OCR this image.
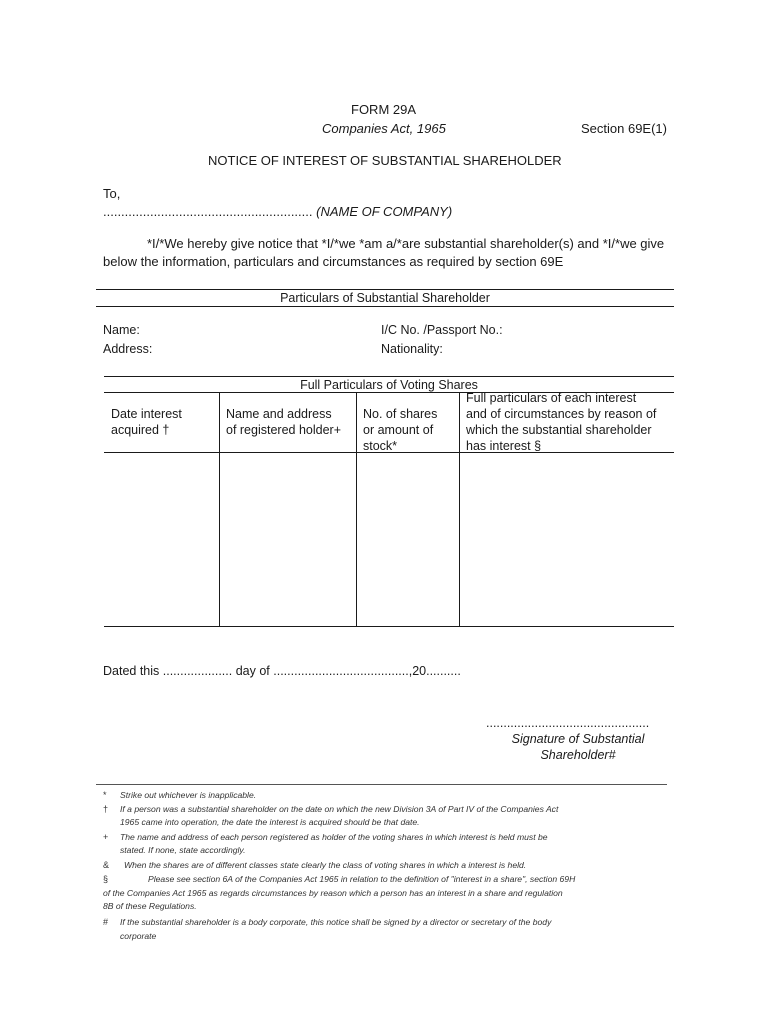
FORM 29A
Companies Act, 1965	Section 69E(1)
NOTICE OF INTEREST OF SUBSTANTIAL SHAREHOLDER
To,
.......................................................... (NAME OF COMPANY)
*I/*We hereby give notice that *I/*we *am a/*are substantial shareholder(s) and *I/*we give
below the information, particulars and circumstances as required by section 69E
Particulars of Substantial Shareholder
Name:
Address:
I/C No. /Passport No.:
Nationality:
Full Particulars of Voting Shares
Date interest
acquired †
Name and address
of registered holder+
No. of shares
or amount of
stock*
Full particulars of each interest
and of circumstances by reason of
which the substantial shareholder
has interest §
Dated this .................... day of .......................................,20..........
...............................................
Signature of Substantial
Shareholder#
* Strike out whichever is inapplicable.
† If a person was a substantial shareholder on the date on which the new Division 3A of Part IV of the Companies Act
1965 came into operation, the date the interest is acquired should be that date.
+ The name and address of each person registered as holder of the voting shares in which interest is held must be
stated. If none, state accordingly.
& When the shares are of different classes state clearly the class of voting shares in which a interest is held.
§	Please see section 6A of the Companies Act 1965 in relation to the definition of "interest in a share", section 69H
of the Companies Act 1965 as regards circumstances by reason which a person has an interest in a share and regulation
8B of these Regulations.
# If the substantial shareholder is a body corporate, this notice shall be signed by a director or secretary of the body
corporate
